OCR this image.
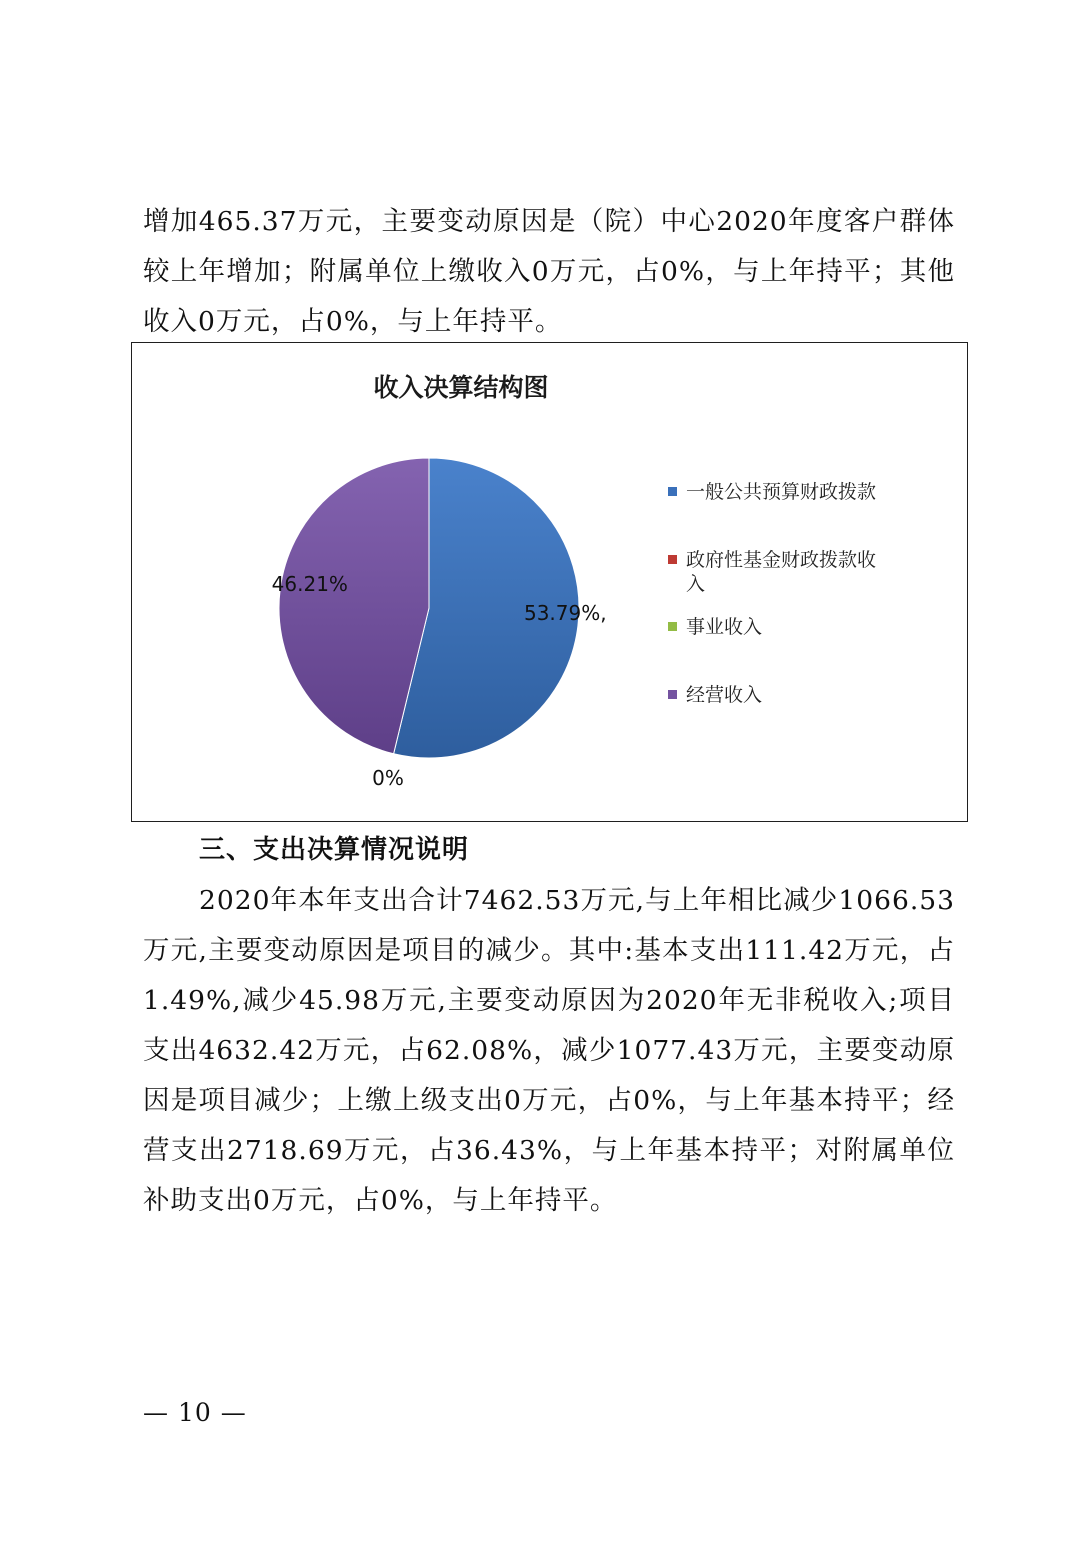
增加465.37万元，主要变动原因是（院）中心2020年度客户群体较上年增加；附属单位上缴收入0万元，占0%，与上年持平；其他收入0万元，占0%，与上年持平。

收入决算结构图
53.79%,
46.21%
0%
一般公共预算财政拨款
政府性基金财政拨款收
入
事业收入
经营收入
三、支出决算情况说明

2020年本年支出合计7462.53万元,与上年相比减少1066.53万元,主要变动原因是项目的减少。其中:基本支出111.42万元，占1.49%,减少45.98万元,主要变动原因为2020年无非税收入;项目支出4632.42万元，占62.08%，减少1077.43万元，主要变动原因是项目减少；上缴上级支出0万元，占0%，与上年基本持平；经营支出2718.69万元，占36.43%，与上年基本持平；对附属单位补助支出0万元，占0%，与上年持平。

— 10 —
